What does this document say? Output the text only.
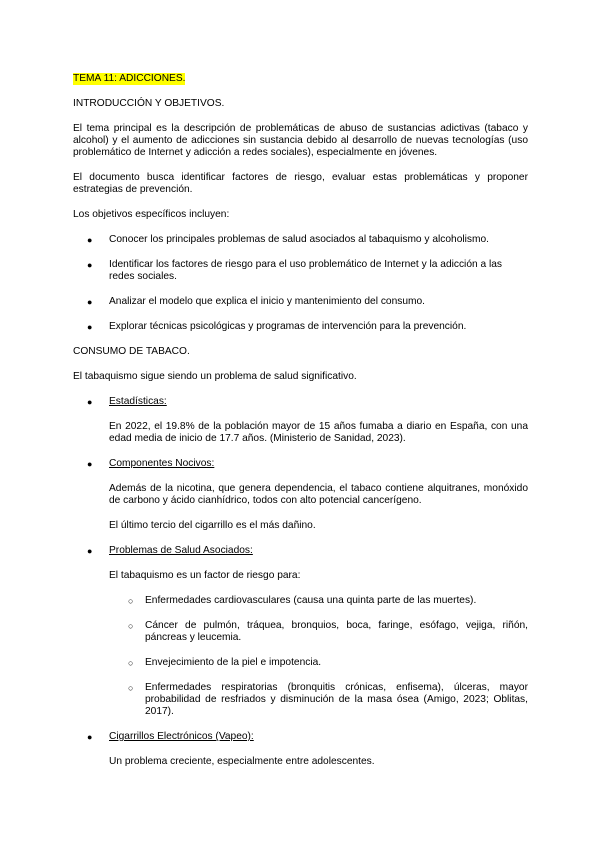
TEMA 11: ADICCIONES.

INTRODUCCIÓN Y OBJETIVOS.

El tema principal es la descripción de problemáticas de abuso de sustancias adictivas (tabaco y alcohol) y el aumento de adicciones sin sustancia debido al desarrollo de nuevas tecnologías (uso problemático de Internet y adicción a redes sociales), especialmente en jóvenes.

El documento busca identificar factores de riesgo, evaluar estas problemáticas y proponer estrategias de prevención.

Los objetivos específicos incluyen:

● Conocer los principales problemas de salud asociados al tabaquismo y alcoholismo.
● Identificar los factores de riesgo para el uso problemático de Internet y la adicción a las redes sociales.
● Analizar el modelo que explica el inicio y mantenimiento del consumo.
● Explorar técnicas psicológicas y programas de intervención para la prevención.

CONSUMO DE TABACO.

El tabaquismo sigue siendo un problema de salud significativo.

● Estadísticas:

En 2022, el 19.8% de la población mayor de 15 años fumaba a diario en España, con una edad media de inicio de 17.7 años. (Ministerio de Sanidad, 2023).

● Componentes Nocivos:

Además de la nicotina, que genera dependencia, el tabaco contiene alquitranes, monóxido de carbono y ácido cianhídrico, todos con alto potencial cancerígeno.

El último tercio del cigarrillo es el más dañino.

● Problemas de Salud Asociados:

El tabaquismo es un factor de riesgo para:

○ Enfermedades cardiovasculares (causa una quinta parte de las muertes).
○ Cáncer de pulmón, tráquea, bronquios, boca, faringe, esófago, vejiga, riñón, páncreas y leucemia.
○ Envejecimiento de la piel e impotencia.
○ Enfermedades respiratorias (bronquitis crónicas, enfisema), úlceras, mayor probabilidad de resfriados y disminución de la masa ósea (Amigo, 2023; Oblitas, 2017).
● Cigarrillos Electrónicos (Vapeo):

Un problema creciente, especialmente entre adolescentes.
